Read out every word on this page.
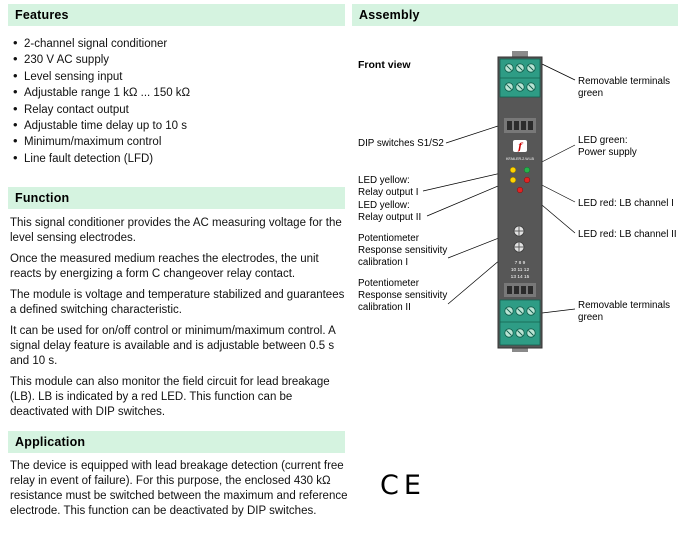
Features
• 2-channel signal conditioner
• 230 V AC supply
• Level sensing input
• Adjustable range 1 kΩ ... 150 kΩ
• Relay contact output
• Adjustable time delay up to 10 s
• Minimum/maximum control
• Line fault detection (LFD)
Function

This signal conditioner provides the AC measuring voltage for the level sensing electrodes.

Once the measured medium reaches the electrodes, the unit reacts by energizing a form C changeover relay contact.

The module is voltage and temperature stabilized and guarantees a defined switching characteristic.

It can be used for on/off control or minimum/maximum control. A signal delay feature is available and is adjustable between 0.5 s and 10 s.

This module can also monitor the field circuit for lead breakage (LB). LB is indicated by a red LED. This function can be deactivated with DIP switches.

Application

The device is equipped with lead breakage detection (current free relay in event of failure). For this purpose, the enclosed 430 kΩ resistance must be switched between the maximum and reference electrode. This function can be deactivated by DIP switches.

Assembly
f
KFA6-ER-2.W.LB
7 8 9
10 11 12
13 14 15
Front view
Removable terminals
green
LED green:
Power supply
DIP switches S1/S2
LED yellow:
Relay output I
LED yellow:
Relay output II
LED red: LB channel I
LED red: LB channel II
Potentiometer
Response sensitivity
calibration I
Potentiometer
Response sensitivity
calibration II	Removable terminals
green
CE
